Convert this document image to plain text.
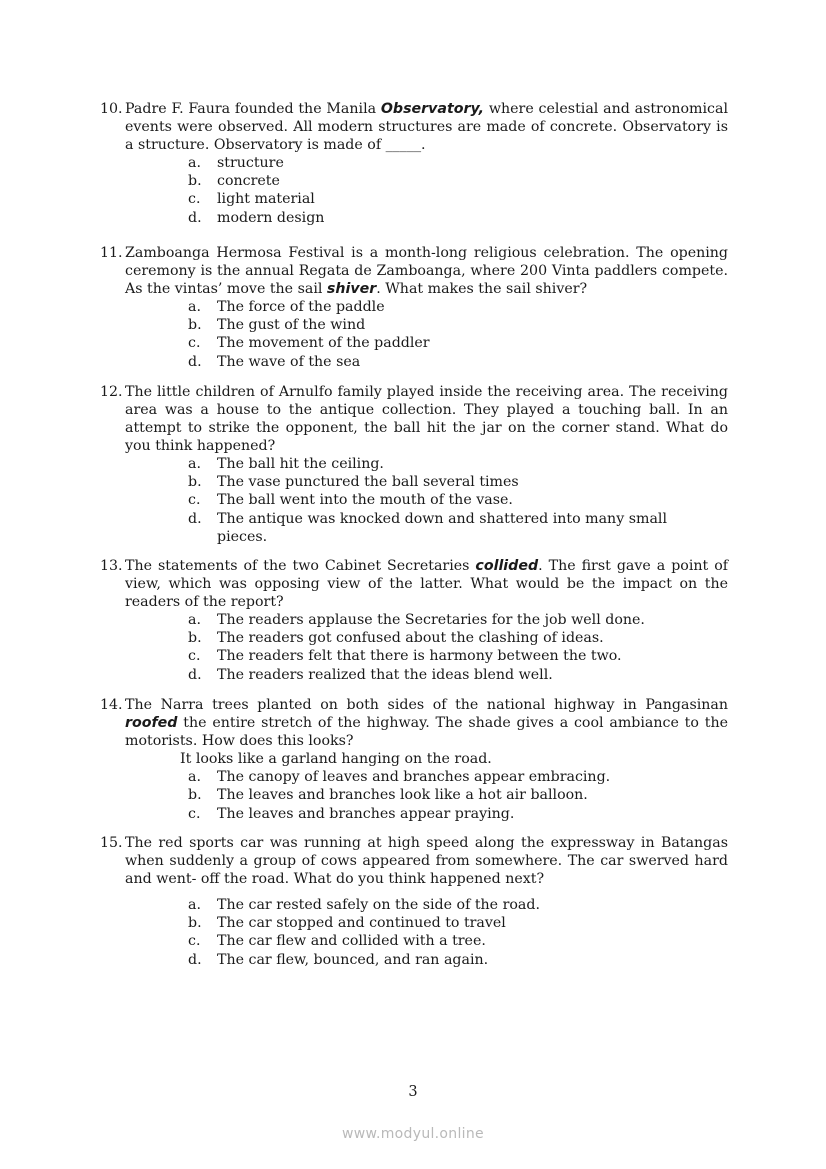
10. Padre F. Faura founded the Manila Observatory, where celestial and astronomical events were observed. All modern structures are made of concrete. Observatory is a structure. Observatory is made of _____.
a. structure
b. concrete
c. light material
d. modern design
11. Zamboanga Hermosa Festival is a month-long religious celebration. The opening ceremony is the annual Regata de Zamboanga, where 200 Vinta paddlers compete. As the vintas’ move the sail shiver. What makes the sail shiver?
a. The force of the paddle
b. The gust of the wind
c. The movement of the paddler
d. The wave of the sea
12. The little children of Arnulfo family played inside the receiving area. The receiving area was a house to the antique collection. They played a touching ball. In an attempt to strike the opponent, the ball hit the jar on the corner stand. What do you think happened?
a. The ball hit the ceiling.
b. The vase punctured the ball several times
c. The ball went into the mouth of the vase.
d. The antique was knocked down and shattered into many small pieces.
13. The statements of the two Cabinet Secretaries collided. The first gave a point of view, which was opposing view of the latter. What would be the impact on the readers of the report?
a. The readers applause the Secretaries for the job well done.
b. The readers got confused about the clashing of ideas.
c. The readers felt that there is harmony between the two.
d. The readers realized that the ideas blend well.
14. The Narra trees planted on both sides of the national highway in Pangasinan roofed the entire stretch of the highway. The shade gives a cool ambiance to the motorists. How does this looks?
It looks like a garland hanging on the road.
a. The canopy of leaves and branches appear embracing.
b. The leaves and branches look like a hot air balloon.
c. The leaves and branches appear praying.
15. The red sports car was running at high speed along the expressway in Batangas when suddenly a group of cows appeared from somewhere. The car swerved hard and went- off the road. What do you think happened next?
a. The car rested safely on the side of the road.
b. The car stopped and continued to travel
c. The car flew and collided with a tree.
d. The car flew, bounced, and ran again.
3
www.modyul.online
